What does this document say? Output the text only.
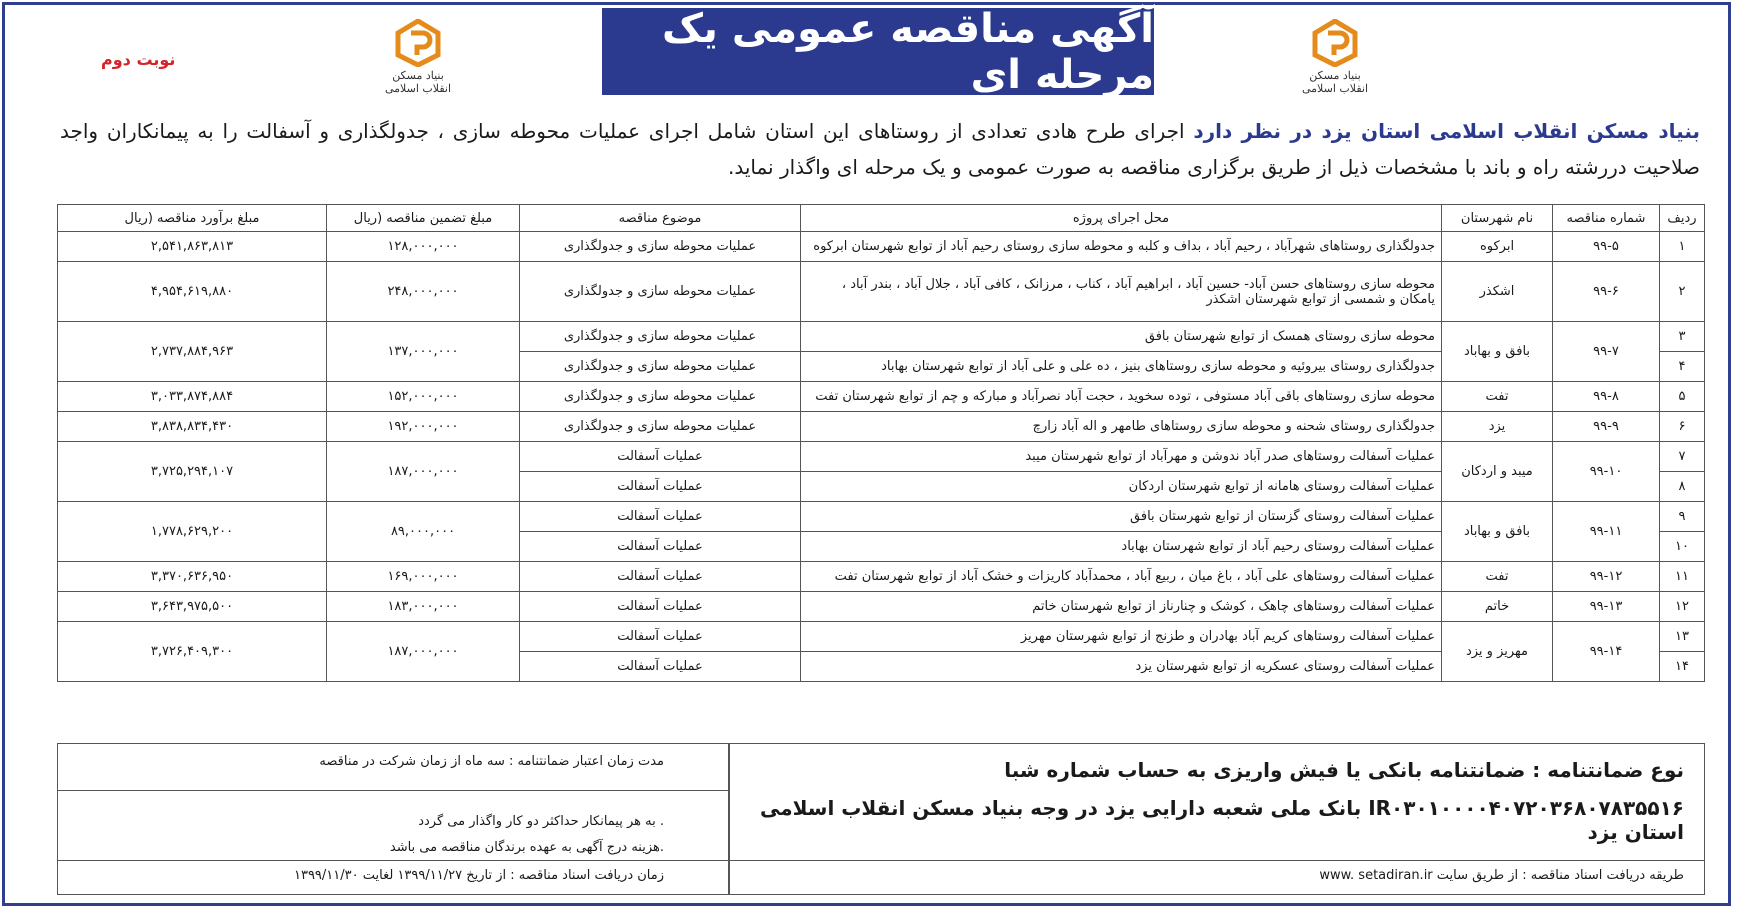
بنیاد مسکن انقلاب اسلامی
آگهی مناقصه عمومی یک مرحله ای
بنیاد مسکن انقلاب اسلامی
نوبت دوم
بنیاد مسکن انقلاب اسلامی استان یزد در نظر دارد اجرای طرح هادی تعدادی از روستاهای این استان شامل اجرای عملیات محوطه سازی ، جدولگذاری و آسفالت را به پیمانکاران واجد صلاحیت دررشته راه و باند با مشخصات ذیل از طریق برگزاری مناقصه به صورت عمومی و یک مرحله ای واگذار نماید.
ردیف	شماره مناقصه	نام شهرستان	محل اجرای پروژه	موضوع مناقصه	مبلغ تضمین مناقصه (ریال	مبلغ برآورد مناقصه (ریال
۱	۹۹-۵	ابرکوه	جدولگذاری روستاهای شهرآباد ، رحیم آباد ، بداف و کلبه و محوطه سازی روستای رحیم آباد از توابع شهرستان ابرکوه	عملیات محوطه سازی و جدولگذاری	۱۲۸,۰۰۰,۰۰۰	۲,۵۴۱,۸۶۳,۸۱۳
۲	۹۹-۶	اشکذر	محوطه سازی روستاهای حسن آباد- حسین آباد ، ابراهیم آباد ، کناب ، مرزانک ، کافی آباد ، جلال آباد ، بندر آباد ، یامکان و شمسی از توابع شهرستان اشکذر	عملیات محوطه سازی و جدولگذاری	۲۴۸,۰۰۰,۰۰۰	۴,۹۵۴,۶۱۹,۸۸۰
۳	۹۹-۷	بافق و بهاباد	محوطه سازی روستای همسک از توابع شهرستان بافق	عملیات محوطه سازی و جدولگذاری	۱۳۷,۰۰۰,۰۰۰	۲,۷۳۷,۸۸۴,۹۶۳
۴			جدولگذاری روستای بیروئیه و محوطه سازی روستاهای بنیز ، ده علی و علی آباد از توابع شهرستان بهاباد	عملیات محوطه سازی و جدولگذاری		
۵	۹۹-۸	تفت	محوطه سازی روستاهای باقی آباد مستوفی ، توده سخوید ، حجت آباد نصرآباد و مبارکه و چم از توابع شهرستان تفت	عملیات محوطه سازی و جدولگذاری	۱۵۲,۰۰۰,۰۰۰	۳,۰۳۳,۸۷۴,۸۸۴
۶	۹۹-۹	یزد	جدولگذاری روستای شحنه و محوطه سازی روستاهای طامهر و اله آباد زارچ	عملیات محوطه سازی و جدولگذاری	۱۹۲,۰۰۰,۰۰۰	۳,۸۳۸,۸۳۴,۴۳۰
۷	۹۹-۱۰	میبد و اردکان	عملیات آسفالت روستاهای صدر آباد ندوشن و مهرآباد از توابع شهرستان میبد	عملیات آسفالت	۱۸۷,۰۰۰,۰۰۰	۳,۷۲۵,۲۹۴,۱۰۷
۸			عملیات آسفالت روستای هامانه از توابع شهرستان اردکان	عملیات آسفالت		
۹	۹۹-۱۱	بافق و بهاباد	عملیات آسفالت روستای گزستان از توابع شهرستان بافق	عملیات آسفالت	۸۹,۰۰۰,۰۰۰	۱,۷۷۸,۶۲۹,۲۰۰
۱۰			عملیات آسفالت روستای رحیم آباد از توابع شهرستان بهاباد	عملیات آسفالت		
۱۱	۹۹-۱۲	تفت	عملیات آسفالت روستاهای علی آباد ، باغ میان ، ربیع آباد ، محمدآباد کاریزات و خشک آباد از توابع شهرستان تفت	عملیات آسفالت	۱۶۹,۰۰۰,۰۰۰	۳,۳۷۰,۶۳۶,۹۵۰
۱۲	۹۹-۱۳	خاتم	عملیات آسفالت روستاهای چاهک ، کوشک و چنارناز از توابع شهرستان خاتم	عملیات آسفالت	۱۸۳,۰۰۰,۰۰۰	۳,۶۴۳,۹۷۵,۵۰۰
۱۳	۹۹-۱۴	مهریز و یزد	عملیات آسفالت روستاهای کریم آباد بهادران و طزنج از توابع شهرستان مهریز	عملیات آسفالت	۱۸۷,۰۰۰,۰۰۰	۳,۷۲۶,۴۰۹,۳۰۰
۱۴			عملیات آسفالت روستای عسکریه از توابع شهرستان یزد	عملیات آسفالت		
نوع ضمانتنامه : ضمانتنامه بانکی یا فیش واریزی به حساب شماره شبا
IR۰۳۰۱۰۰۰۰۴۰۷۲۰۳۶۸۰۷۸۳۵۵۱۶ بانک ملی شعبه دارایی یزد در وجه بنیاد مسکن انقلاب اسلامی استان یزد
طریقه دریافت اسناد مناقصه : از طریق سایت www. setadiran.ir
مدت زمان اعتبار ضمانتنامه : سه ماه از زمان شرکت در مناقصه
. به هر پیمانکار حداکثر دو کار واگذار می گردد
.هزینه درج آگهی به عهده برندگان مناقصه می باشد
زمان دریافت اسناد مناقصه : از تاریخ ۱۳۹۹/۱۱/۲۷ لغایت ۱۳۹۹/۱۱/۳۰
